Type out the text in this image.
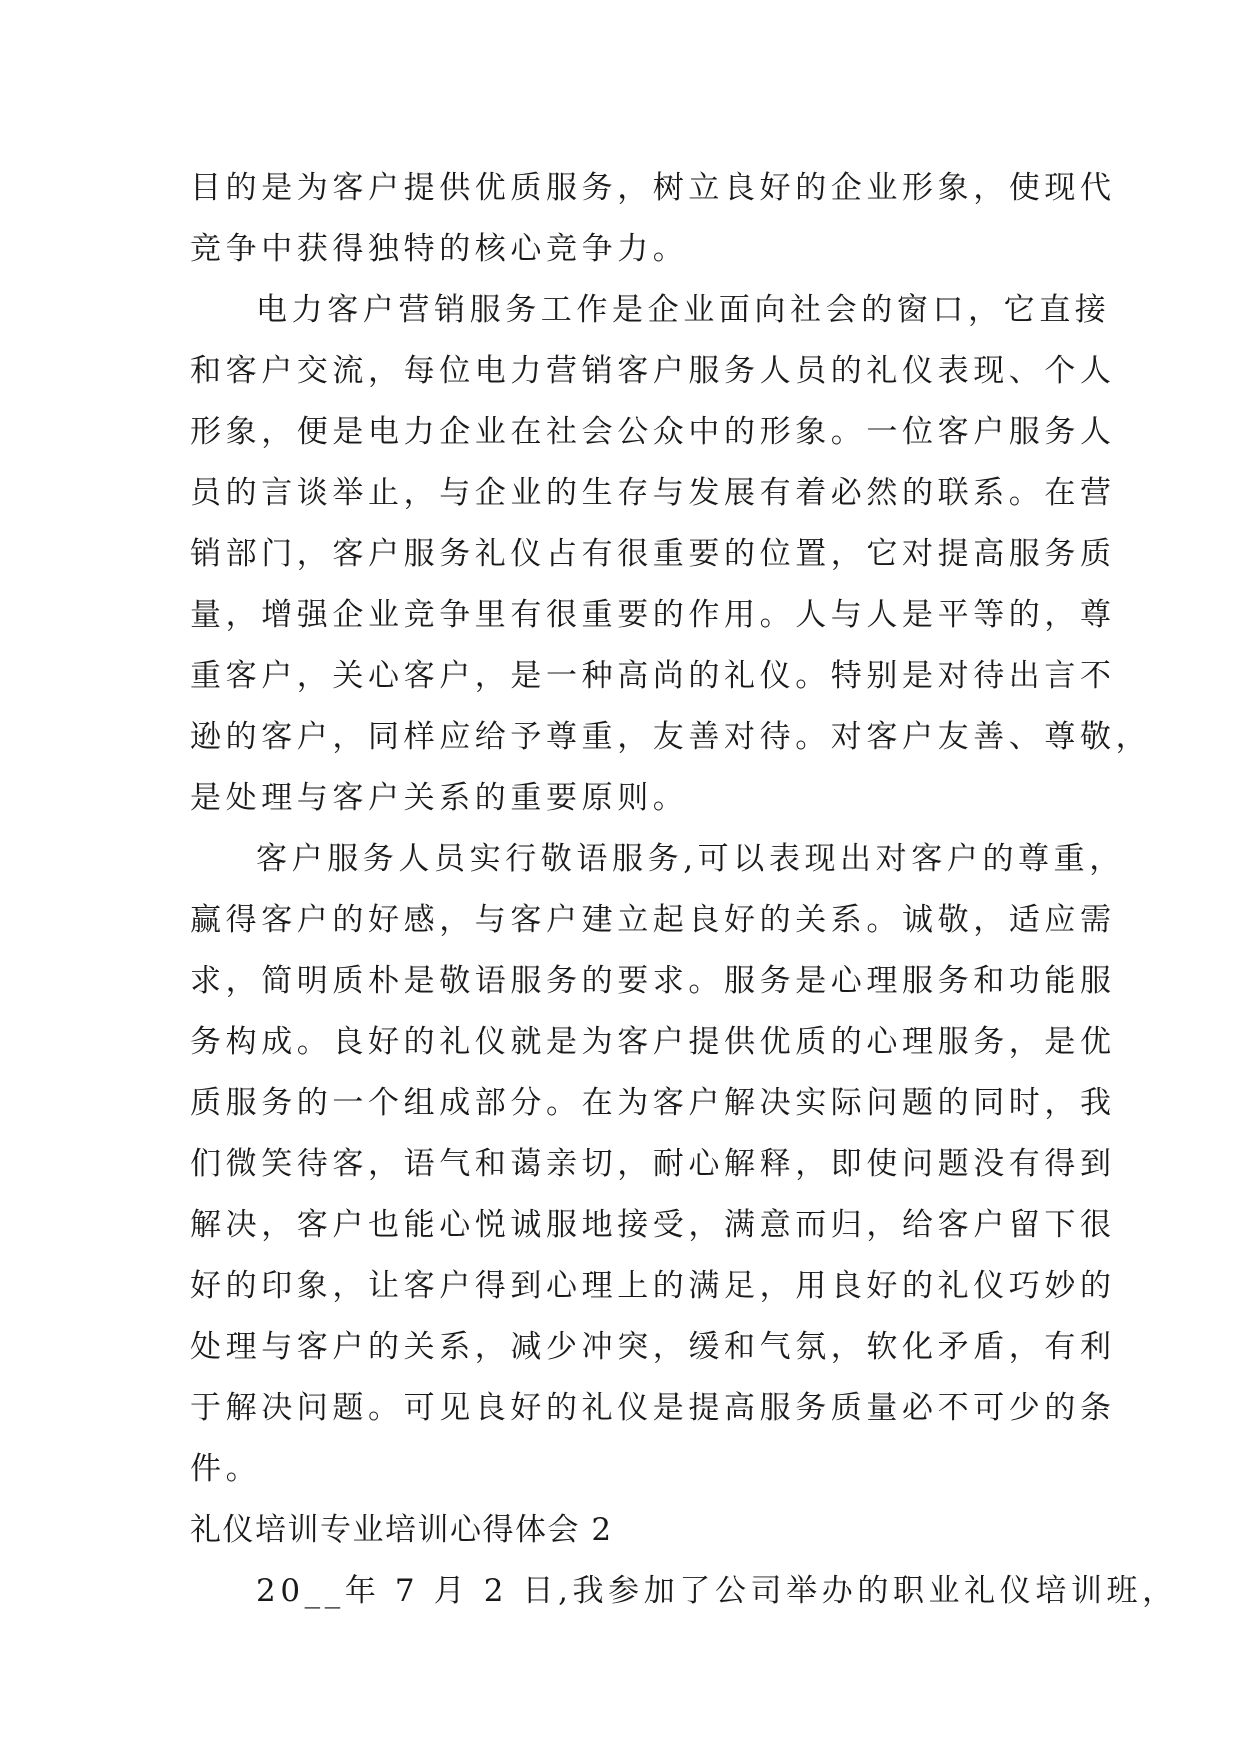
目的是为客户提供优质服务，树立良好的企业形象，使现代
竞争中获得独特的核心竞争力。
电力客户营销服务工作是企业面向社会的窗口，它直接
和客户交流，每位电力营销客户服务人员的礼仪表现、个人
形象，便是电力企业在社会公众中的形象。一位客户服务人
员的言谈举止，与企业的生存与发展有着必然的联系。在营
销部门，客户服务礼仪占有很重要的位置，它对提高服务质
量，增强企业竞争里有很重要的作用。人与人是平等的，尊
重客户，关心客户，是一种高尚的礼仪。特别是对待出言不
逊的客户，同样应给予尊重，友善对待。对客户友善、尊敬，
是处理与客户关系的重要原则。
客户服务人员实行敬语服务,可以表现出对客户的尊重，
赢得客户的好感，与客户建立起良好的关系。诚敬，适应需
求，简明质朴是敬语服务的要求。服务是心理服务和功能服
务构成。良好的礼仪就是为客户提供优质的心理服务，是优
质服务的一个组成部分。在为客户解决实际问题的同时，我
们微笑待客，语气和蔼亲切，耐心解释，即使问题没有得到
解决，客户也能心悦诚服地接受，满意而归，给客户留下很
好的印象，让客户得到心理上的满足，用良好的礼仪巧妙的
处理与客户的关系，减少冲突，缓和气氛，软化矛盾，有利
于解决问题。可见良好的礼仪是提高服务质量必不可少的条
件。
礼仪培训专业培训心得体会 2
20__年 7 月 2 日,我参加了公司举办的职业礼仪培训班，
